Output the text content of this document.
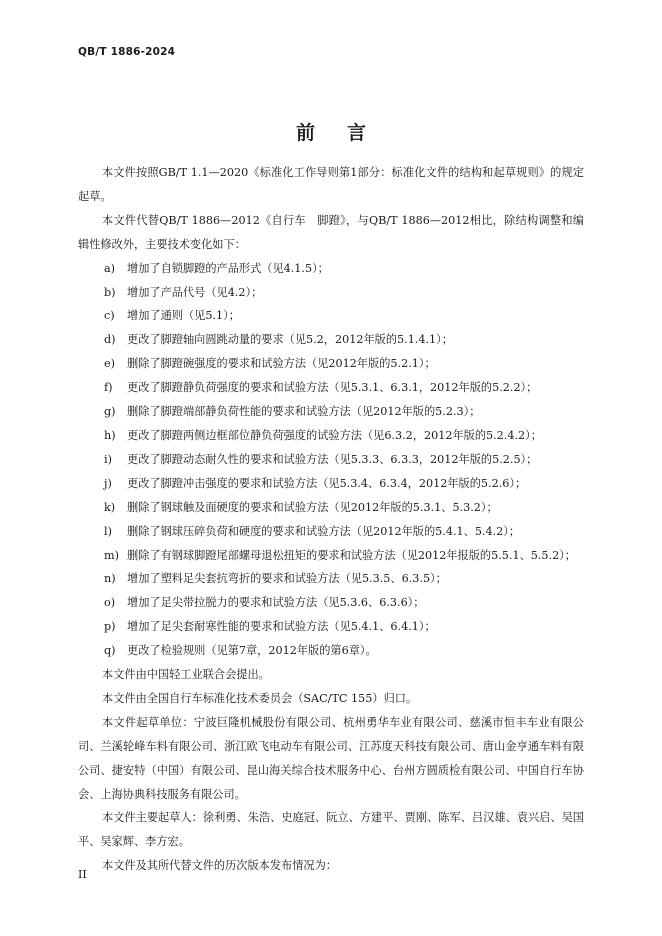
QB/T 1886-2024
前言
本文件按照GB/T 1.1—2020《标准化工作导则第1部分：标准化文件的结构和起草规则》的规定起草。
本文件代替QB/T 1886—2012《自行车　脚蹬》，与QB/T 1886—2012相比，除结构调整和编辑性修改外，主要技术变化如下：
a) 增加了自锁脚蹬的产品形式（见4.1.5）；
b) 增加了产品代号（见4.2）；
c) 增加了通则（见5.1）；
d) 更改了脚蹬轴向圆跳动量的要求（见5.2，2012年版的5.1.4.1）；
e) 删除了脚蹬碗强度的要求和试验方法（见2012年版的5.2.1）；
f) 更改了脚蹬静负荷强度的要求和试验方法（见5.3.1、6.3.1，2012年版的5.2.2）；
g) 删除了脚蹬端部静负荷性能的要求和试验方法（见2012年版的5.2.3）；
h) 更改了脚蹬两侧边框部位静负荷强度的试验方法（见6.3.2，2012年版的5.2.4.2）；
i) 更改了脚蹬动态耐久性的要求和试验方法（见5.3.3、6.3.3，2012年版的5.2.5）；
j) 更改了脚蹬冲击强度的要求和试验方法（见5.3.4、6.3.4，2012年版的5.2.6）；
k) 删除了钢球触及面硬度的要求和试验方法（见2012年版的5.3.1、5.3.2）；
l) 删除了钢球压碎负荷和硬度的要求和试验方法（见2012年版的5.4.1、5.4.2）；
m) 删除了有钢球脚蹬尾部螺母退松扭矩的要求和试验方法（见2012年报版的5.5.1、5.5.2）；
n) 增加了塑料足尖套抗弯折的要求和试验方法（见5.3.5、6.3.5）；
o) 增加了足尖带拉脱力的要求和试验方法（见5.3.6、6.3.6）；
p) 增加了足尖套耐寒性能的要求和试验方法（见5.4.1、6.4.1）；
q) 更改了检验规则（见第7章，2012年版的第6章）。
本文件由中国轻工业联合会提出。
本文件由全国自行车标准化技术委员会（SAC/TC 155）归口。
本文件起草单位：宁波巨隆机械股份有限公司、杭州勇华车业有限公司、慈溪市恒丰车业有限公司、兰溪轮峰车料有限公司、浙江欧飞电动车有限公司、江苏度天科技有限公司、唐山金亨通车料有限公司、捷安特（中国）有限公司、昆山海关综合技术服务中心、台州方圆质检有限公司、中国自行车协会、上海协典科技服务有限公司。
本文件主要起草人：徐利勇、朱浩、史庭冠、阮立、方建平、贾刚、陈军、吕汉雄、袁兴启、吴国平、吴家辉、李方宏。
本文件及其所代替文件的历次版本发布情况为：
II
